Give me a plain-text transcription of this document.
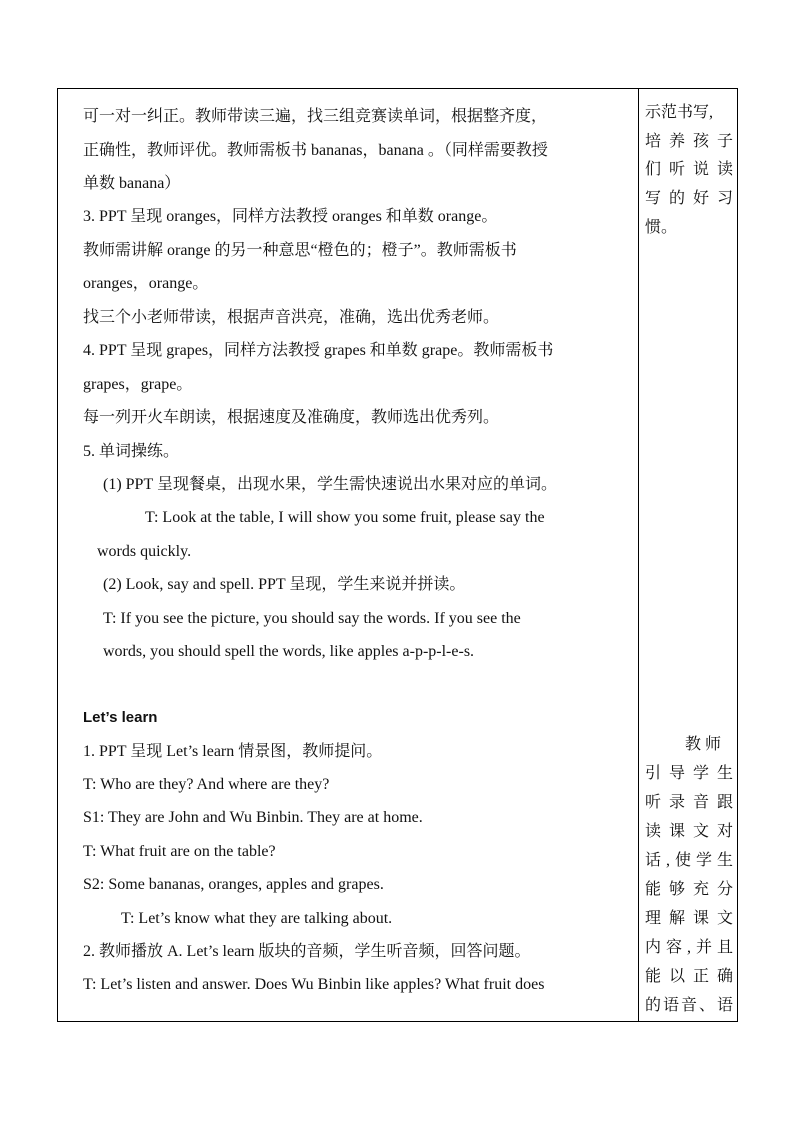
可一对一纠正。教师带读三遍，找三组竞赛读单词，根据整齐度，
正确性，教师评优。教师需板书 bananas，banana 。（同样需要教授
单数 banana）
3. PPT 呈现 oranges，同样方法教授 oranges 和单数 orange。
教师需讲解 orange 的另一种意思“橙色的；橙子”。教师需板书
oranges，orange。
找三个小老师带读，根据声音洪亮，准确，选出优秀老师。
4. PPT 呈现 grapes，同样方法教授 grapes 和单数 grape。教师需板书
grapes，grape。
每一列开火车朗读，根据速度及准确度，教师选出优秀列。
5. 单词操练。
(1) PPT 呈现餐桌，出现水果，学生需快速说出水果对应的单词。
T: Look at the table, I will show you some fruit, please say the
words quickly.
(2) Look, say and spell. PPT 呈现，学生来说并拼读。
T: If you see the picture, you should say the words. If you see the
words, you should spell the words, like apples a-p-p-l-e-s.
Let’s learn
1. PPT 呈现 Let’s learn 情景图，教师提问。
T: Who are they? And where are they?
S1: They are John and Wu Binbin. They are at home.
T: What fruit are on the table?
S2: Some bananas, oranges, apples and grapes.
T: Let’s know what they are talking about.
2. 教师播放 A. Let’s learn 版块的音频，学生听音频，回答问题。
T: Let’s listen and answer. Does Wu Binbin like apples? What fruit does
示范书写,
培养孩子
们听说读
写的好习
惯。
教 师
引导学生
听录音跟
读课文对
话,使学生
能够充分
理解课文
内容,并且
能以正确
的语音、语
